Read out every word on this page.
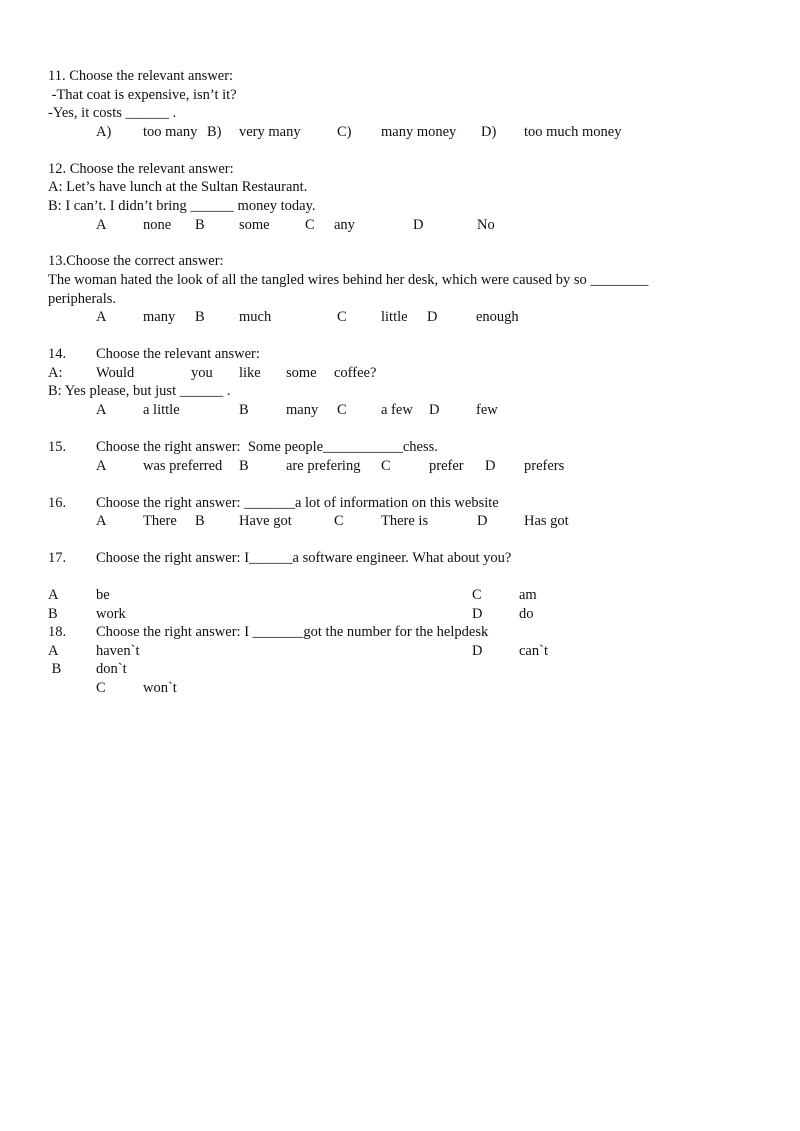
11. Choose the relevant answer:
-That coat is expensive, isn’t it?
-Yes, it costs ______ .
A) too many B) very many	C) many money D) too much money
12. Choose the relevant answer:
A: Let’s have lunch at the Sultan Restaurant.
B: I can’t. I didn’t bring ______ money today.
A	none B some C any	D	No
13.Choose the correct answer:
The woman hated the look of all the tangled wires behind her desk, which were caused by so ________
peripherals.
A	many B much	C little D	enough
14. Choose the relevant answer:
A: Would	you like some coffee?
B: Yes please, but just ______ .
A	a little	B	many C a few D	few
15. Choose the right answer:  Some people___________chess.
A	was preferred B	are prefering C	prefer D prefers
16. Choose the right answer: _______a lot of information on this website
A	There B Have got	C	There is	D	Has got
17. Choose the right answer: I______a software engineer. What about you?
A	be	C	am
B	work	D	do
18. Choose the right answer: I _______got the number for the helpdesk
A	haven`t	D	can`t
B don`t
C	won`t
